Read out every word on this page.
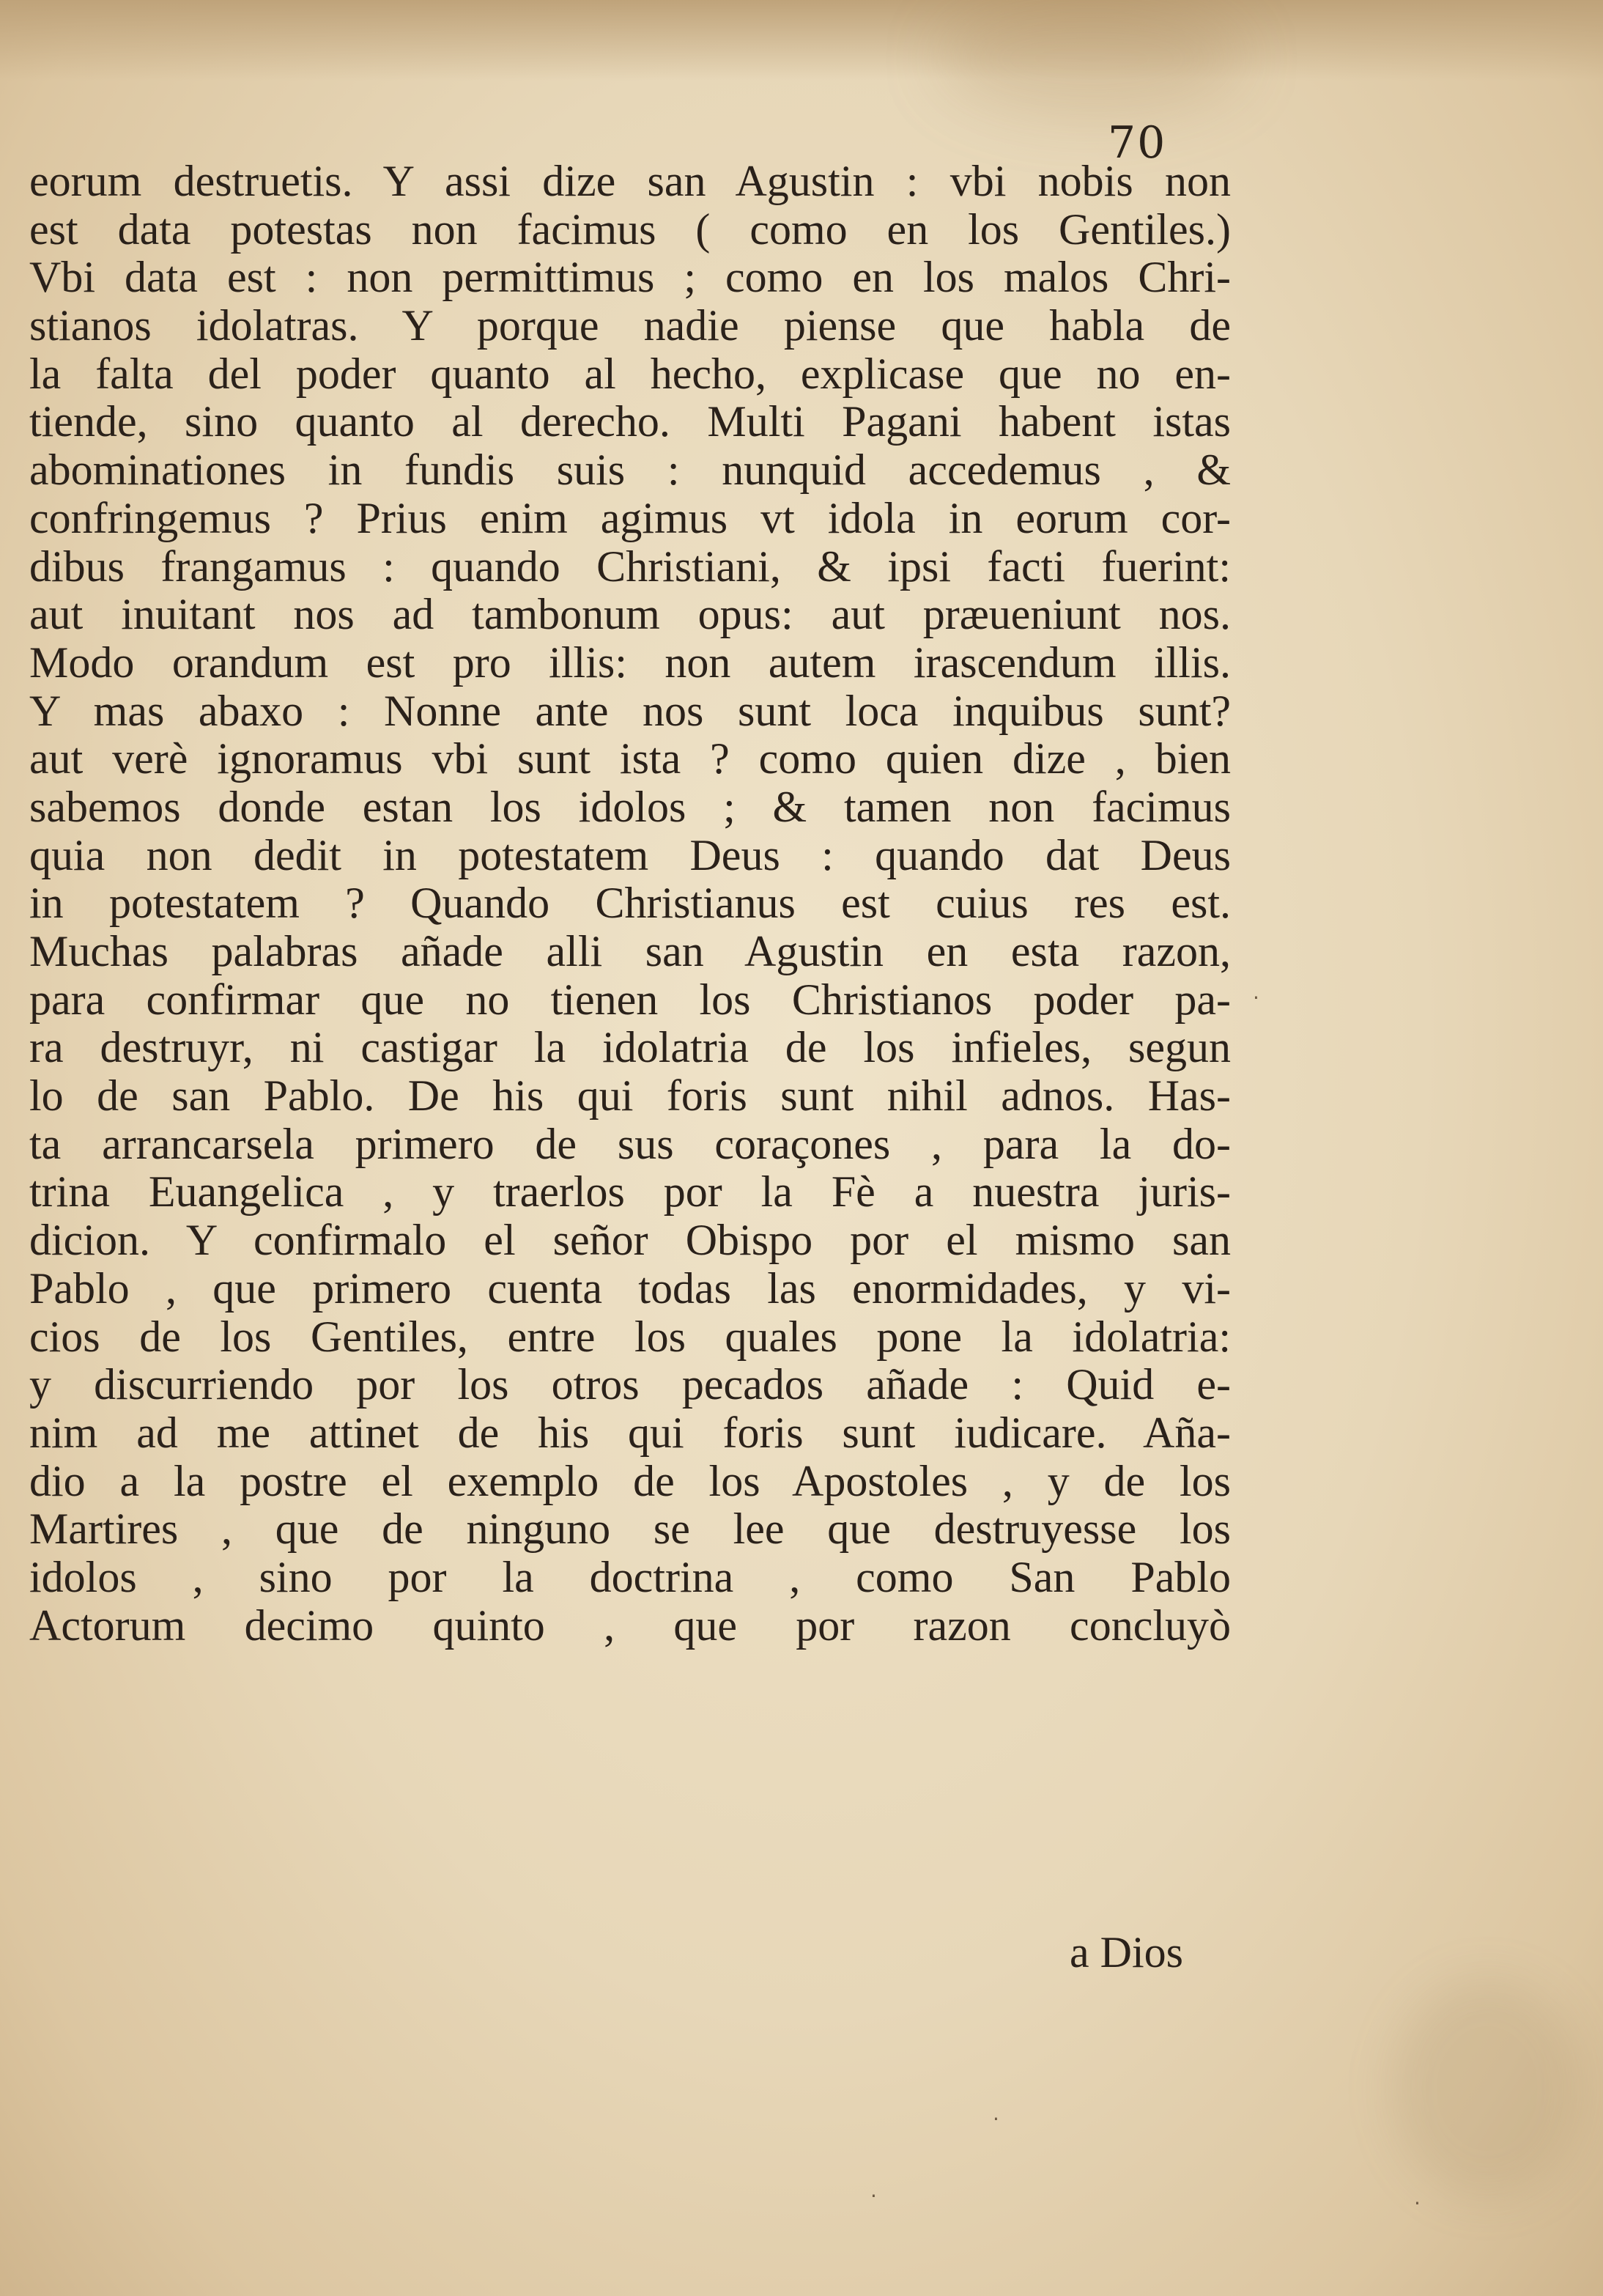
70
eorum destruetis. Y assi dize san Agustin : vbi nobis non
est data potestas non facimus ( como en los Gentiles.)
Vbi data est : non permittimus ; como en los malos Chri-
stianos idolatras. Y porque nadie piense que habla de
la falta del poder quanto al hecho, explicase que no en-
tiende, sino quanto al derecho. Multi Pagani habent istas
abominationes in fundis suis : nunquid accedemus , &
confringemus ? Prius enim agimus vt idola in eorum cor-
dibus frangamus : quando Christiani, & ipsi facti fuerint:
aut inuitant nos ad tambonum opus: aut præueniunt nos.
Modo orandum est pro illis: non autem irascendum illis.
Y mas abaxo : Nonne ante nos sunt loca inquibus sunt?
aut verè ignoramus vbi sunt ista ? como quien dize , bien
sabemos donde estan los idolos ; & tamen non facimus
quia non dedit in potestatem Deus : quando dat Deus
in potestatem ? Quando Christianus est cuius res est.
Muchas palabras añade alli san Agustin en esta razon,
para confirmar que no tienen los Christianos poder pa-
ra destruyr, ni castigar la idolatria de los infieles, segun
lo de san Pablo. De his qui foris sunt nihil adnos. Has-
ta arrancarsela primero de sus coraçones , para la do-
trina Euangelica , y traerlos por la Fè a nuestra juris-
dicion. Y confirmalo el señor Obispo por el mismo san
Pablo , que primero cuenta todas las enormidades, y vi-
cios de los Gentiles, entre los quales pone la idolatria:
y discurriendo por los otros pecados añade : Quid e-
nim ad me attinet de his qui foris sunt iudicare. Aña-
dio a la postre el exemplo de los Apostoles , y de los
Martires , que de ninguno se lee que destruyesse los
idolos , sino por la doctrina , como San Pablo
Actorum decimo quinto , que por razon concluyò
a Dios
·
·	·
·
